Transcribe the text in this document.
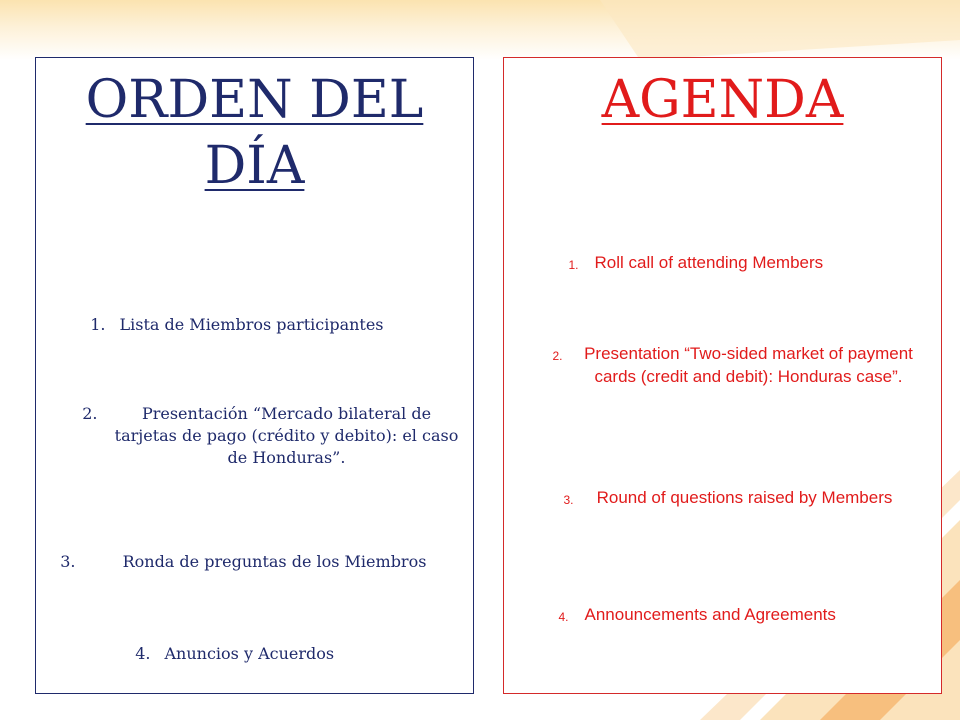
ORDEN DEL
DÍA
1. Lista de Miembros participantes
2.	Presentación “Mercado bilateral de tarjetas de pago (crédito y debito): el caso de Honduras”.
3.	Ronda de preguntas de los Miembros
4. Anuncios y Acuerdos
AGENDA
1. Roll call of attending Members
2.	Presentation “Two-sided market of payment cards (credit and debit): Honduras case”.
3.	Round of questions raised by Members
4. Announcements and Agreements
